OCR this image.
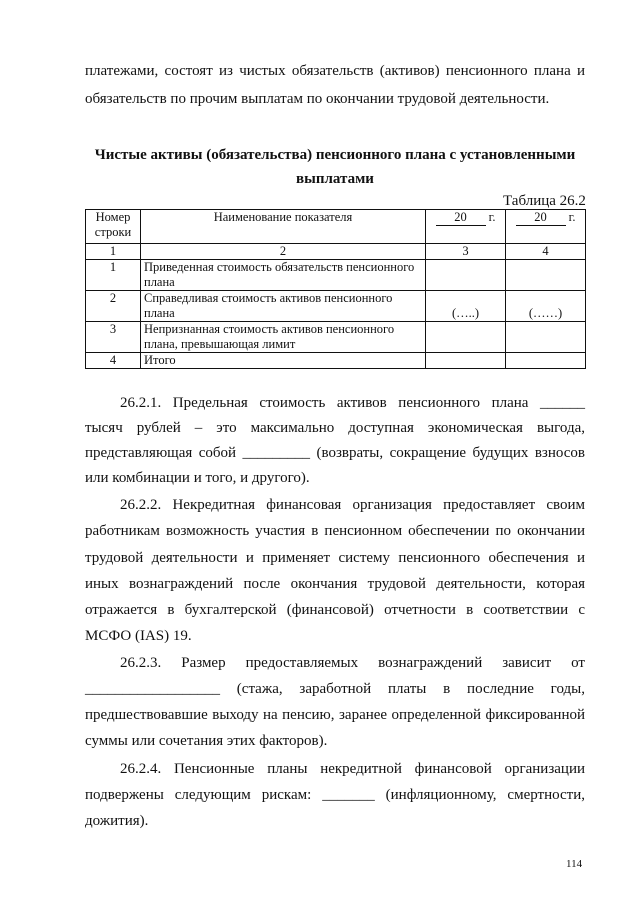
платежами, состоят из чистых обязательств (активов) пенсионного плана и
обязательств по прочим выплатам по окончании трудовой деятельности.
Чистые активы (обязательства) пенсионного плана с установленными
выплатами
Таблица 26.2
Номер строки	Наименование показателя	20 г.	20 г.
1	2	3	4
1	Приведенная стоимость обязательств пенсионного плана		
2	Справедливая стоимость активов пенсионного плана	(…..)	(……)
3	Непризнанная стоимость активов пенсионного плана, превышающая лимит		
4	Итого		
26.2.1. Предельная стоимость активов пенсионного плана ______
тысяч рублей – это максимально доступная экономическая выгода,
представляющая собой _________ (возвраты, сокращение будущих взносов
или комбинации и того, и другого).
26.2.2. Некредитная финансовая организация предоставляет своим
работникам возможность участия в пенсионном обеспечении по окончании
трудовой деятельности и применяет систему пенсионного обеспечения и
иных вознаграждений после окончания трудовой деятельности, которая
отражается в бухгалтерской (финансовой) отчетности в соответствии с
МСФО (IAS) 19.
26.2.3. Размер предоставляемых вознаграждений зависит от
__________________ (стажа, заработной платы в последние годы,
предшествовавшие выходу на пенсию, заранее определенной фиксированной
суммы или сочетания этих факторов).
26.2.4. Пенсионные планы некредитной финансовой организации
подвержены следующим рискам: _______ (инфляционному, смертности,
дожития).
114
